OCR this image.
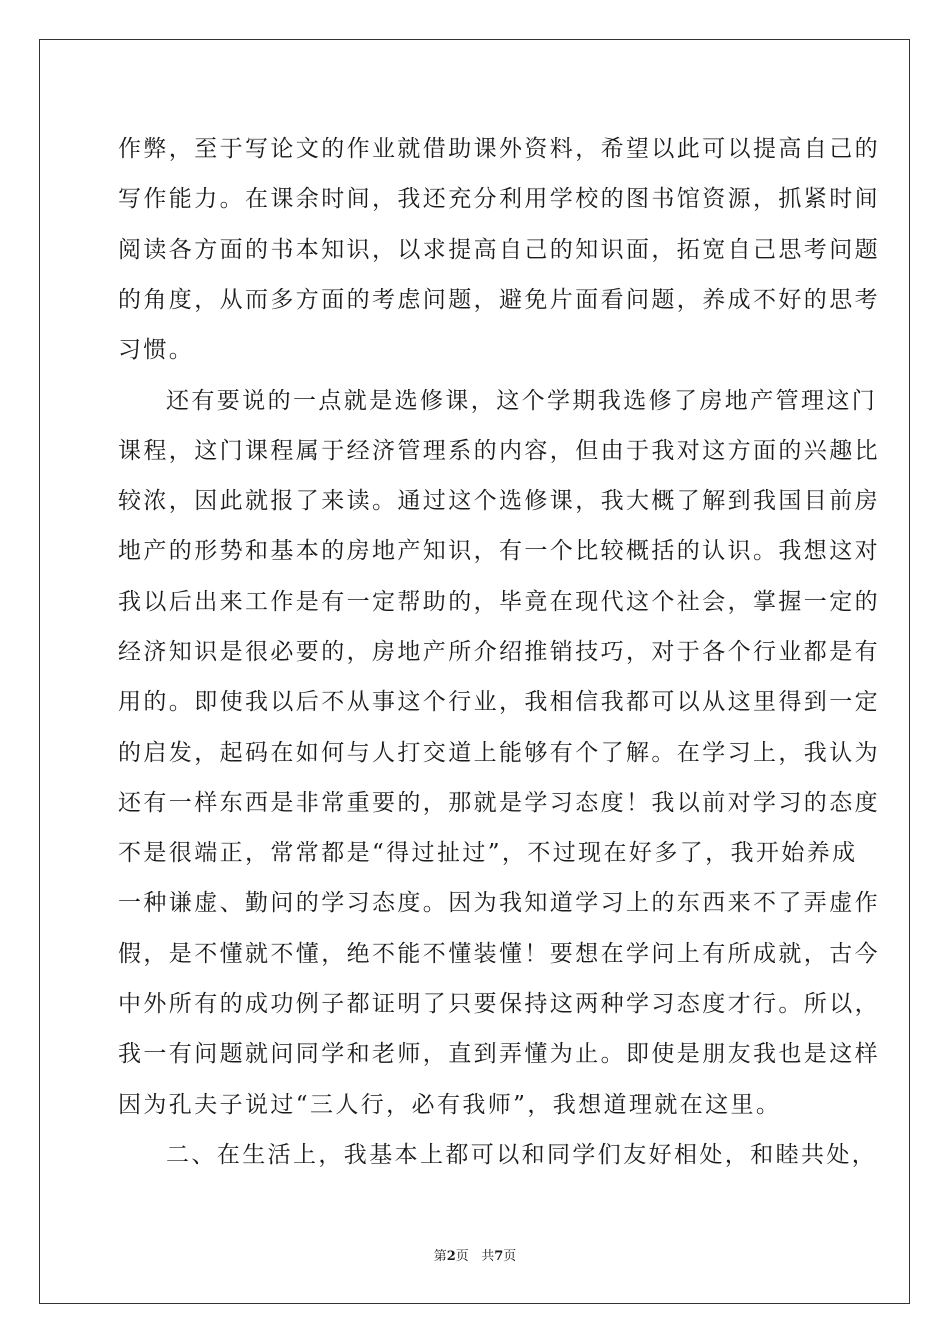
作弊，至于写论文的作业就借助课外资料，希望以此可以提高自己的
写作能力。在课余时间，我还充分利用学校的图书馆资源，抓紧时间
阅读各方面的书本知识，以求提高自己的知识面，拓宽自己思考问题
的角度，从而多方面的考虑问题，避免片面看问题，养成不好的思考
习惯。
还有要说的一点就是选修课，这个学期我选修了房地产管理这门
课程，这门课程属于经济管理系的内容，但由于我对这方面的兴趣比
较浓，因此就报了来读。通过这个选修课，我大概了解到我国目前房
地产的形势和基本的房地产知识，有一个比较概括的认识。我想这对
我以后出来工作是有一定帮助的，毕竟在现代这个社会，掌握一定的
经济知识是很必要的，房地产所介绍推销技巧，对于各个行业都是有
用的。即使我以后不从事这个行业，我相信我都可以从这里得到一定
的启发，起码在如何与人打交道上能够有个了解。在学习上，我认为
还有一样东西是非常重要的，那就是学习态度！我以前对学习的态度
不是很端正，常常都是“得过扯过”，不过现在好多了，我开始养成
一种谦虚、勤问的学习态度。因为我知道学习上的东西来不了弄虚作
假，是不懂就不懂，绝不能不懂装懂！要想在学问上有所成就，古今
中外所有的成功例子都证明了只要保持这两种学习态度才行。所以，
我一有问题就问同学和老师，直到弄懂为止。即使是朋友我也是这样
因为孔夫子说过“三人行，必有我师”，我想道理就在这里。
二、在生活上，我基本上都可以和同学们友好相处，和睦共处，
第2页 共7页
